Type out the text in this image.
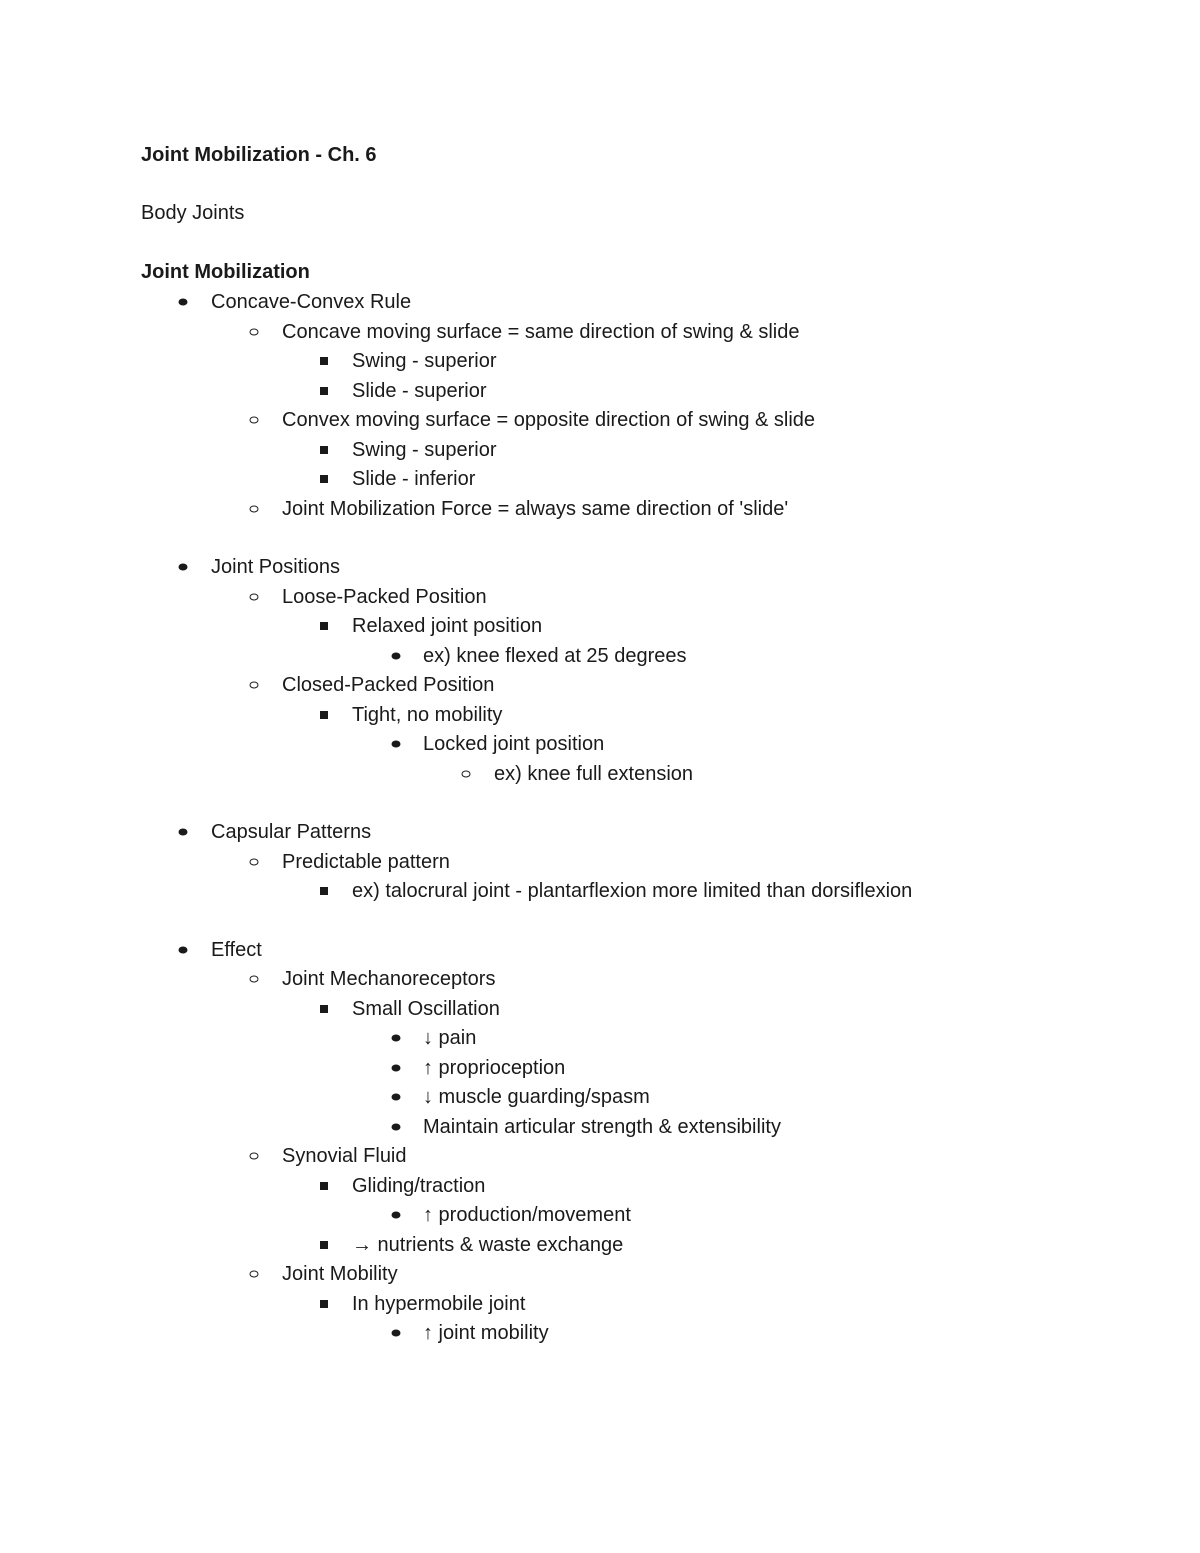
Joint Mobilization - Ch. 6
Body Joints
Joint Mobilization
Concave-Convex Rule
Concave moving surface = same direction of swing & slide
Swing - superior
Slide - superior
Convex moving surface = opposite direction of swing & slide
Swing - superior
Slide - inferior
Joint Mobilization Force = always same direction of 'slide'
Joint Positions
Loose-Packed Position
Relaxed joint position
ex) knee flexed at 25 degrees
Closed-Packed Position
Tight, no mobility
Locked joint position
ex) knee full extension
Capsular Patterns
Predictable pattern
ex) talocrural joint - plantarflexion more limited than dorsiflexion
Effect
Joint Mechanoreceptors
Small Oscillation
↓ pain
↑ proprioception
↓ muscle guarding/spasm
Maintain articular strength & extensibility
Synovial Fluid
Gliding/traction
↑ production/movement
→ nutrients & waste exchange
Joint Mobility
In hypermobile joint
↑ joint mobility
